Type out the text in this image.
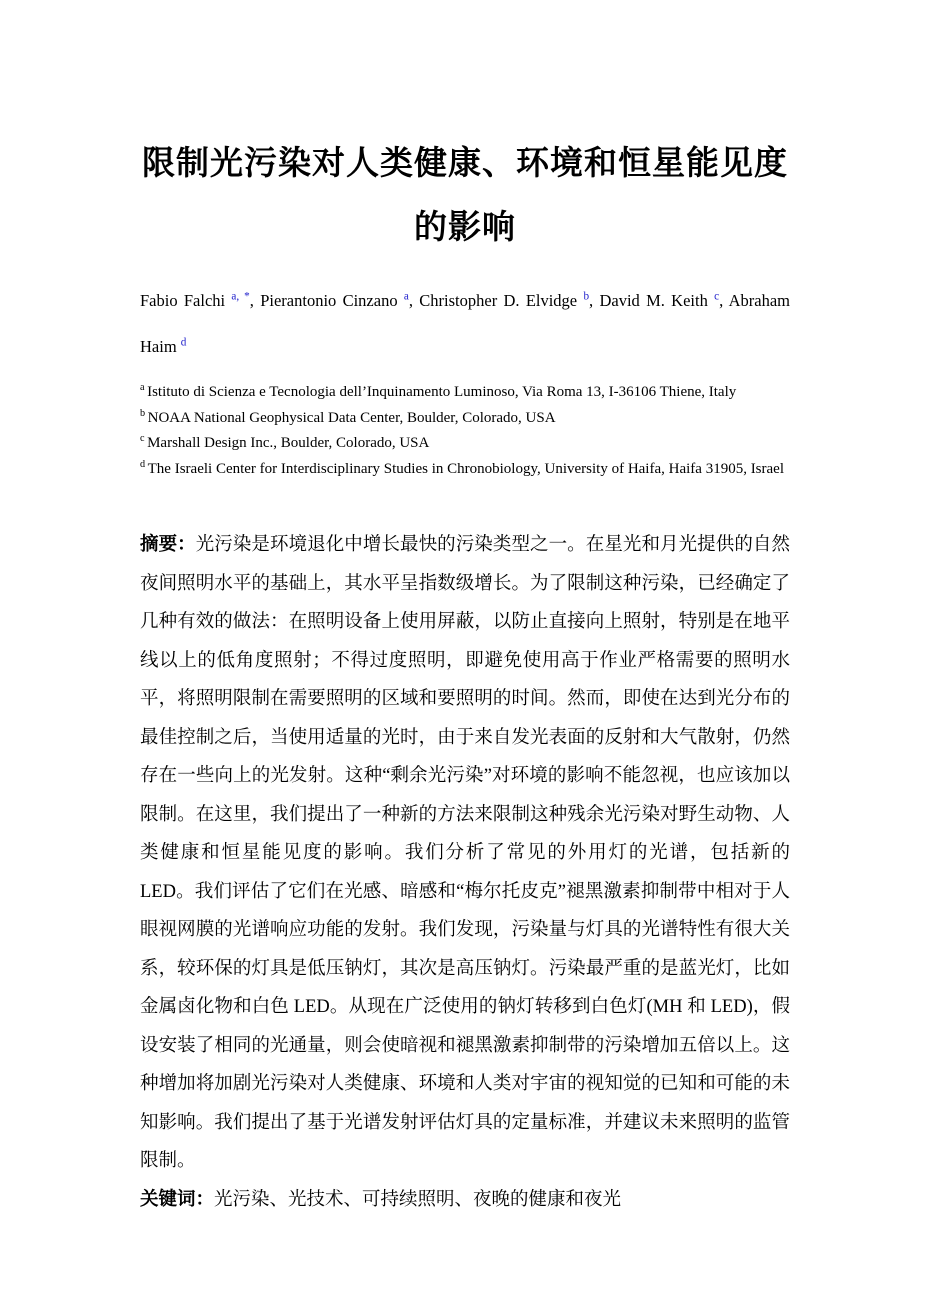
限制光污染对人类健康、环境和恒星能见度
的影响

Fabio Falchi $^{a, *}$, Pierantonio Cinzano $^a$, Christopher D. Elvidge $^b$, David M. Keith $^c$, Abraham Haim $^d$

$^a$ Istituto di Scienza e Tecnologia dell’Inquinamento Luminoso, Via Roma 13, I-36106 Thiene, Italy

$^b$ NOAA National Geophysical Data Center, Boulder, Colorado, USA

$^c$ Marshall Design Inc., Boulder, Colorado, USA

$^d$ The Israeli Center for Interdisciplinary Studies in Chronobiology, University of Haifa, Haifa 31905, Israel

摘要：光污染是环境退化中增长最快的污染类型之一。在星光和月光提供的自然夜间照明水平的基础上，其水平呈指数级增长。为了限制这种污染，已经确定了几种有效的做法：在照明设备上使用屏蔽，以防止直接向上照射，特别是在地平线以上的低角度照射；不得过度照明，即避免使用高于作业严格需要的照明水平，将照明限制在需要照明的区域和要照明的时间。然而，即使在达到光分布的最佳控制之后，当使用适量的光时，由于来自发光表面的反射和大气散射，仍然存在一些向上的光发射。这种“剩余光污染”对环境的影响不能忽视，也应该加以限制。在这里，我们提出了一种新的方法来限制这种残余光污染对野生动物、人类健康和恒星能见度的影响。我们分析了常见的外用灯的光谱，包括新的 LED。我们评估了它们在光感、暗感和“梅尔托皮克”褪黑激素抑制带中相对于人眼视网膜的光谱响应功能的发射。我们发现，污染量与灯具的光谱特性有很大关系，较环保的灯具是低压钠灯，其次是高压钠灯。污染最严重的是蓝光灯，比如金属卤化物和白色 LED。从现在广泛使用的钠灯转移到白色灯(MH 和 LED)，假设安装了相同的光通量，则会使暗视和褪黑激素抑制带的污染增加五倍以上。这种增加将加剧光污染对人类健康、环境和人类对宇宙的视知觉的已知和可能的未知影响。我们提出了基于光谱发射评估灯具的定量标准，并建议未来照明的监管限制。

关键词：光污染、光技术、可持续照明、夜晚的健康和夜光
